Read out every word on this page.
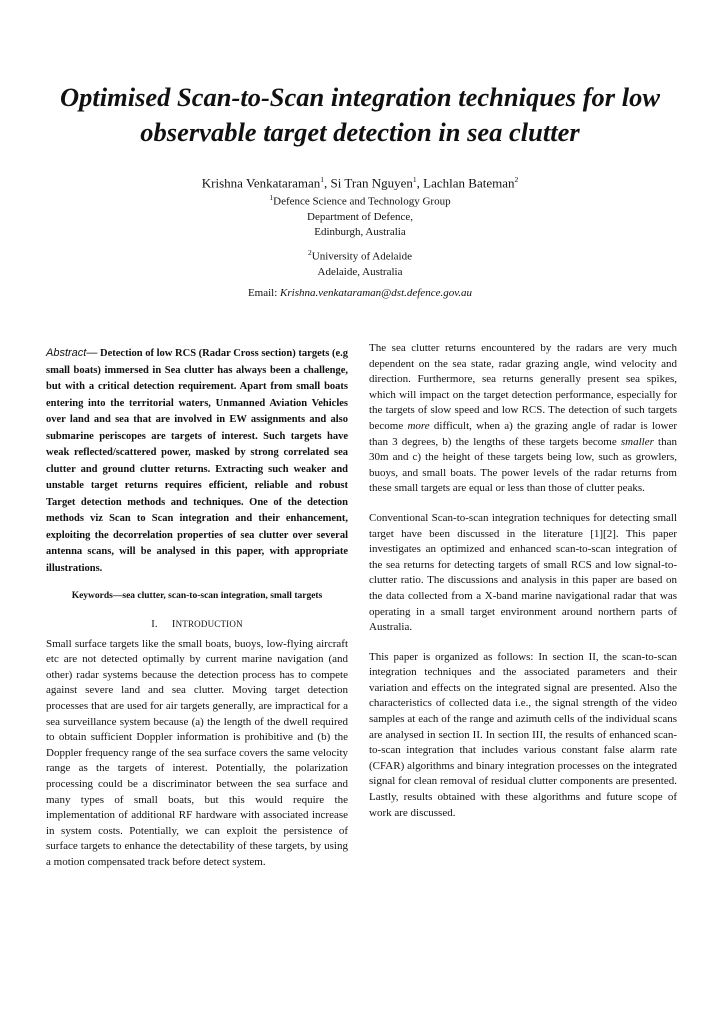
Optimised Scan-to-Scan integration techniques for low observable target detection in sea clutter
Krishna Venkataraman$^1$, Si Tran Nguyen$^1$, Lachlan Bateman$^2$
$^1$Defence Science and Technology Group
Department of Defence,
Edinburgh, Australia
$^2$University of Adelaide
Adelaide, Australia
Email: Krishna.venkataraman@dst.defence.gov.au

Abstract— Detection of low RCS (Radar Cross section) targets (e.g small boats) immersed in Sea clutter has always been a challenge, but with a critical detection requirement. Apart from small boats entering into the territorial waters, Unmanned Aviation Vehicles over land and sea that are involved in EW assignments and also submarine periscopes are targets of interest. Such targets have weak reflected/scattered power, masked by strong correlated sea clutter and ground clutter returns. Extracting such weaker and unstable target returns requires efficient, reliable and robust Target detection methods and techniques. One of the detection methods viz Scan to Scan integration and their enhancement, exploiting the decorrelation properties of sea clutter over several antenna scans, will be analysed in this paper, with appropriate illustrations.

Keywords—sea clutter, scan-to-scan integration, small targets

I. INTRODUCTION

Small surface targets like the small boats, buoys, low-flying aircraft etc are not detected optimally by current marine navigation (and other) radar systems because the detection process has to compete against severe land and sea clutter. Moving target detection processes that are used for air targets generally, are impractical for a sea surveillance system because (a) the length of the dwell required to obtain sufficient Doppler information is prohibitive and (b) the Doppler frequency range of the sea surface covers the same velocity range as the targets of interest. Potentially, the polarization processing could be a discriminator between the sea surface and many types of small boats, but this would require the implementation of additional RF hardware with associated increase in system costs. Potentially, we can exploit the persistence of surface targets to enhance the detectability of these targets, by using a motion compensated track before detect system.

The sea clutter returns encountered by the radars are very much dependent on the sea state, radar grazing angle, wind velocity and direction. Furthermore, sea returns generally present sea spikes, which will impact on the target detection performance, especially for the targets of slow speed and low RCS. The detection of such targets become more difficult, when a) the grazing angle of radar is lower than 3 degrees, b) the lengths of these targets become smaller than 30m and c) the height of these targets being low, such as growlers, buoys, and small boats. The power levels of the radar returns from these small targets are equal or less than those of clutter peaks.

Conventional Scan-to-scan integration techniques for detecting small target have been discussed in the literature [1][2]. This paper investigates an optimized and enhanced scan-to-scan integration of the sea returns for detecting targets of small RCS and low signal-to-clutter ratio. The discussions and analysis in this paper are based on the data collected from a X-band marine navigational radar that was operating in a small target environment around northern parts of Australia.

This paper is organized as follows: In section II, the scan-to-scan integration techniques and the associated parameters and their variation and effects on the integrated signal are presented. Also the characteristics of collected data i.e., the signal strength of the video samples at each of the range and azimuth cells of the individual scans are analysed in section II. In section III, the results of enhanced scan-to-scan integration that includes various constant false alarm rate (CFAR) algorithms and binary integration processes on the integrated signal for clean removal of residual clutter components are presented. Lastly, results obtained with these algorithms and future scope of work are discussed.
